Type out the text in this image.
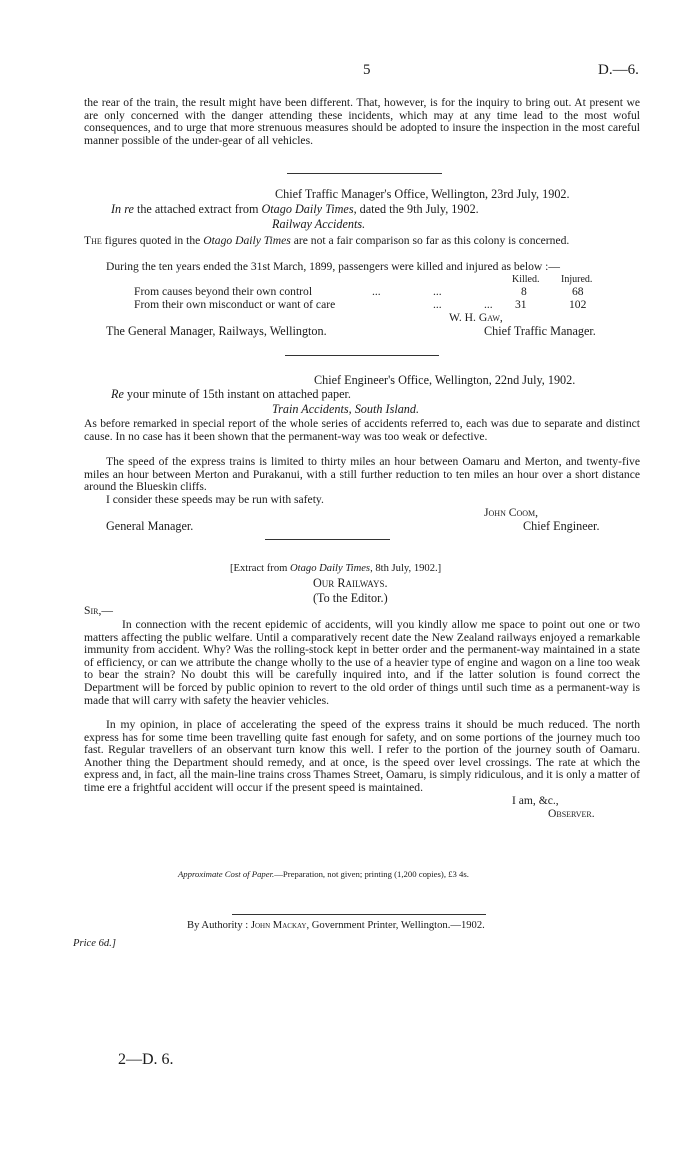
5	D.—6.
the rear of the train, the result might have been different. That, however, is for the inquiry to bring out. At present we are only concerned with the danger attending these incidents, which may at any time lead to the most woful consequences, and to urge that more strenuous measures should be adopted to insure the inspection in the most careful manner possible of the under-gear of all vehicles.
Chief Traffic Manager's Office, Wellington, 23rd July, 1902.
In re the attached extract from Otago Daily Times, dated the 9th July, 1902.
Railway Accidents.
The figures quoted in the Otago Daily Times are not a fair comparison so far as this colony is concerned.
During the ten years ended the 31st March, 1899, passengers were killed and injured as below :—
Killed. Injured.
From causes beyond their own control	...	...	8	68
From their own misconduct or want of care	...	... 31	102
W. H. Gaw,
The General Manager, Railways, Wellington.	Chief Traffic Manager.
Chief Engineer's Office, Wellington, 22nd July, 1902.
Re your minute of 15th instant on attached paper.
Train Accidents, South Island.
As before remarked in special report of the whole series of accidents referred to, each was due to separate and distinct cause. In no case has it been shown that the permanent-way was too weak or defective.
The speed of the express trains is limited to thirty miles an hour between Oamaru and Merton, and twenty-five miles an hour between Merton and Purakanui, with a still further reduction to ten miles an hour over a short distance around the Blueskin cliffs.
I consider these speeds may be run with safety.
John Coom,
General Manager.	Chief Engineer.
[Extract from Otago Daily Times, 8th July, 1902.]
Our Railways.
(To the Editor.)
Sir,—
In connection with the recent epidemic of accidents, will you kindly allow me space to point out one or two matters affecting the public welfare. Until a comparatively recent date the New Zealand railways enjoyed a remarkable immunity from accident. Why? Was the rolling-stock kept in better order and the permanent-way maintained in a state of efficiency, or can we attribute the change wholly to the use of a heavier type of engine and wagon on a line too weak to bear the strain? No doubt this will be carefully inquired into, and if the latter solution is found correct the Department will be forced by public opinion to revert to the old order of things until such time as a permanent-way is made that will carry with safety the heavier vehicles.
In my opinion, in place of accelerating the speed of the express trains it should be much reduced. The north express has for some time been travelling quite fast enough for safety, and on some portions of the journey much too fast. Regular travellers of an observant turn know this well. I refer to the portion of the journey south of Oamaru. Another thing the Department should remedy, and at once, is the speed over level crossings. The rate at which the express and, in fact, all the main-line trains cross Thames Street, Oamaru, is simply ridiculous, and it is only a matter of time ere a frightful accident will occur if the present speed is maintained.
I am, &c.,
Observer.
Approximate Cost of Paper.—Preparation, not given; printing (1,200 copies), £3 4s.
By Authority : John Mackay, Government Printer, Wellington.—1902.
Price 6d.]
2—D. 6.
